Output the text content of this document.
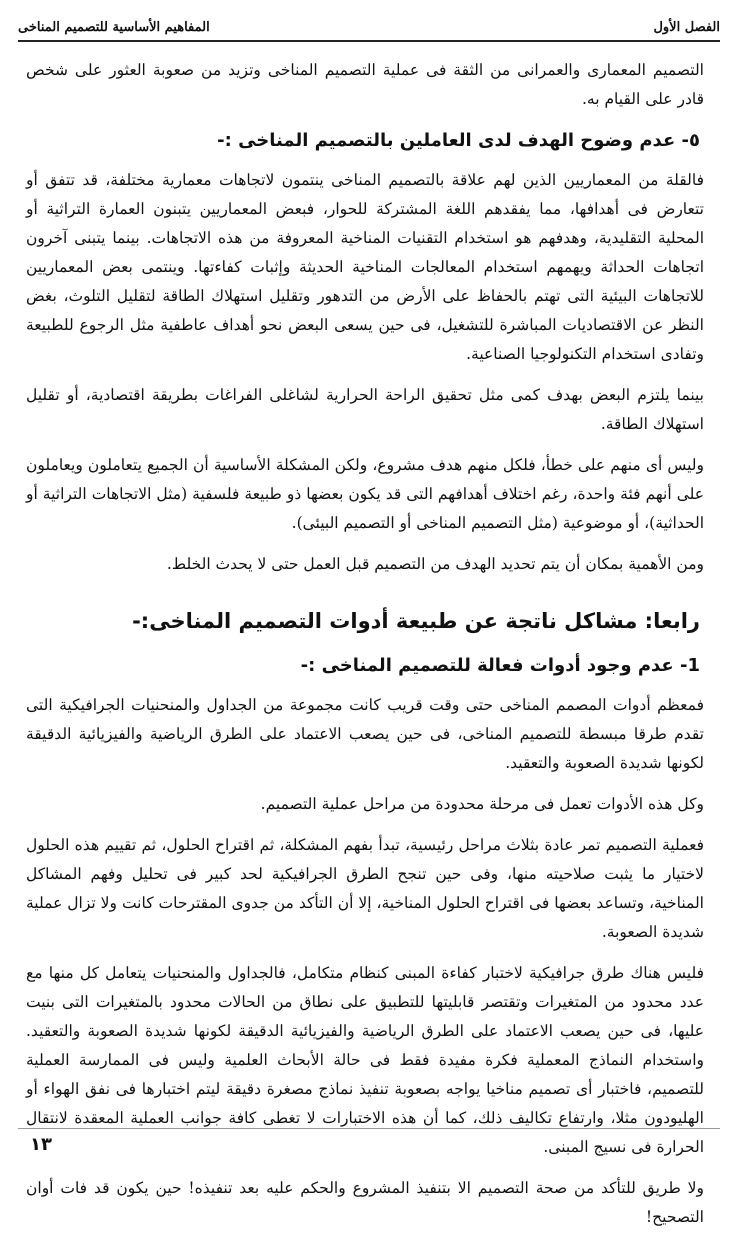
الفصل الأول
المفاهيم الأساسية للتصميم المناخى

التصميم المعمارى والعمرانى من الثقة فى عملية التصميم المناخى وتزيد من صعوبة العثور على شخص قادر على القيام به.

٥- عدم وضوح الهدف لدى العاملين بالتصميم المناخى :-

فالقلة من المعماريين الذين لهم علاقة بالتصميم المناخى ينتمون لاتجاهات معمارية مختلفة، قد تتفق أو تتعارض فى أهدافها، مما يفقدهم اللغة المشتركة للحوار، فبعض المعماريين يتبنون العمارة التراثية أو المحلية التقليدية، وهدفهم هو استخدام التقنيات المناخية المعروفة من هذه الاتجاهات. بينما يتبنى آخرون اتجاهات الحداثة ويهمهم استخدام المعالجات المناخية الحديثة وإثبات كفاءتها. وينتمى بعض المعماريين للاتجاهات البيئية التى تهتم بالحفاظ على الأرض من التدهور وتقليل استهلاك الطاقة لتقليل التلوث، بغض النظر عن الاقتصاديات المباشرة للتشغيل، فى حين يسعى البعض نحو أهداف عاطفية مثل الرجوع للطبيعة وتفادى استخدام التكنولوجيا الصناعية.

بينما يلتزم البعض بهدف كمى مثل تحقيق الراحة الحرارية لشاغلى الفراغات بطريقة اقتصادية، أو تقليل استهلاك الطاقة.

وليس أى منهم على خطأ، فلكل منهم هدف مشروع، ولكن المشكلة الأساسية أن الجميع يتعاملون ويعاملون على أنهم فئة واحدة، رغم اختلاف أهدافهم التى قد يكون بعضها ذو طبيعة فلسفية (مثل الاتجاهات التراثية أو الحداثية)، أو موضوعية (مثل التصميم المناخى أو التصميم البيئى).

ومن الأهمية بمكان أن يتم تحديد الهدف من التصميم قبل العمل حتى لا يحدث الخلط.

رابعا: مشاكل ناتجة عن طبيعة أدوات التصميم المناخى:-
1- عدم وجود أدوات فعالة للتصميم المناخى :-

فمعظم أدوات المصمم المناخى حتى وقت قريب كانت مجموعة من الجداول والمنحنيات الجرافيكية التى تقدم طرقا مبسطة للتصميم المناخى، فى حين يصعب الاعتماد على الطرق الرياضية والفيزيائية الدقيقة لكونها شديدة الصعوبة والتعقيد.

وكل هذه الأدوات تعمل فى مرحلة محدودة من مراحل عملية التصميم.

فعملية التصميم تمر عادة بثلاث مراحل رئيسية، تبدأ بفهم المشكلة، ثم اقتراح الحلول، ثم تقييم هذه الحلول لاختيار ما يثبت صلاحيته منها، وفى حين تنجح الطرق الجرافيكية لحد كبير فى تحليل وفهم المشاكل المناخية، وتساعد بعضها فى اقتراح الحلول المناخية، إلا أن التأكد من جدوى المقترحات كانت ولا تزال عملية شديدة الصعوبة.

فليس هناك طرق جرافيكية لاختبار كفاءة المبنى كنظام متكامل، فالجداول والمنحنيات يتعامل كل منها مع عدد محدود من المتغيرات وتقتصر قابليتها للتطبيق على نطاق من الحالات محدود بالمتغيرات التى بنيت عليها، فى حين يصعب الاعتماد على الطرق الرياضية والفيزيائية الدقيقة لكونها شديدة الصعوبة والتعقيد. واستخدام النماذج المعملية فكرة مفيدة فقط فى حالة الأبحاث العلمية وليس فى الممارسة العملية للتصميم، فاختبار أى تصميم مناخيا يواجه بصعوبة تنفيذ نماذج مصغرة دقيقة ليتم اختبارها فى نفق الهواء أو الهليودون مثلا، وارتفاع تكاليف ذلك، كما أن هذه الاختبارات لا تغطى كافة جوانب العملية المعقدة لانتقال الحرارة فى نسيج المبنى.

ولا طريق للتأكد من صحة التصميم الا بتنفيذ المشروع والحكم عليه بعد تنفيذه! حين يكون قد فات أوان التصحيح!

١٣
